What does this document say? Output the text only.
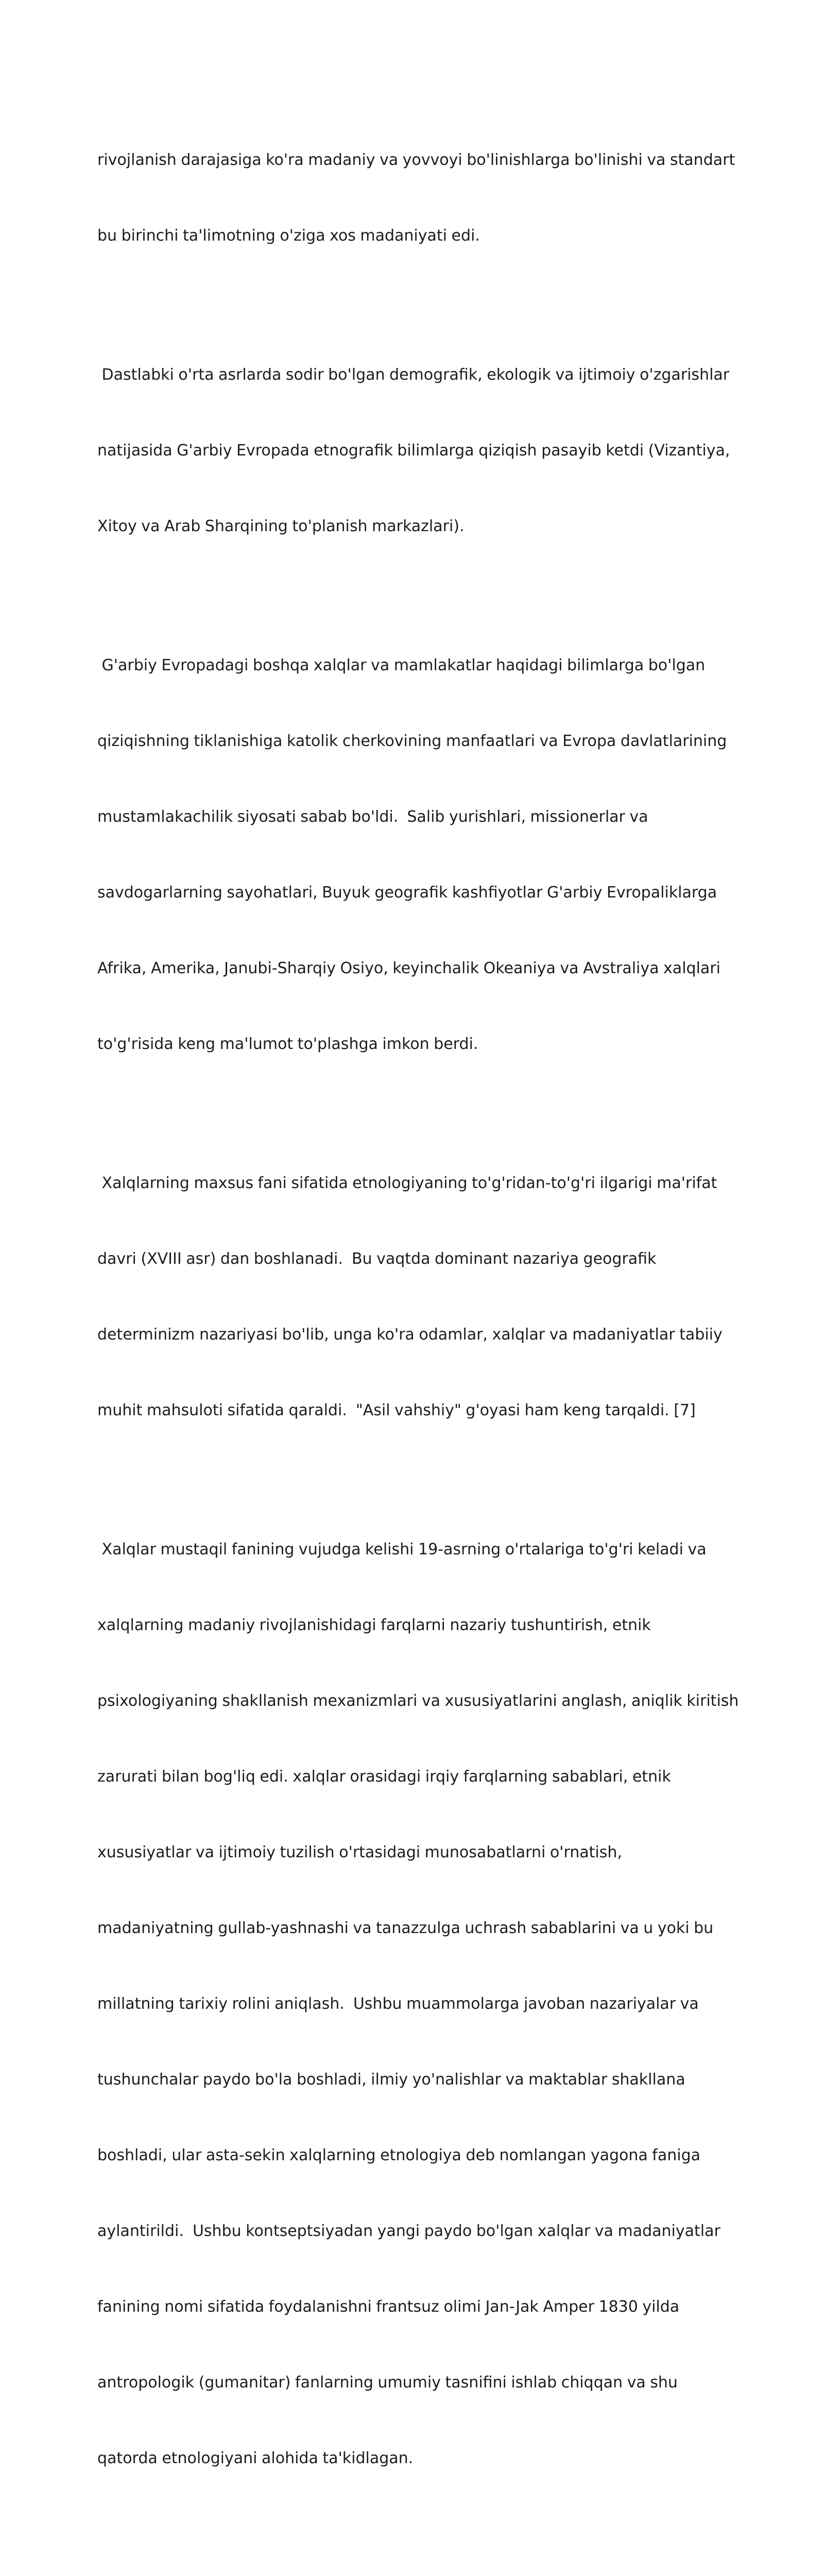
rivojlanish darajasiga ko'ra madaniy va yovvoyi bo'linishlarga bo'linishi va standart

bu birinchi ta'limotning o'ziga xos madaniyati edi.

Dastlabki o'rta asrlarda sodir bo'lgan demografik, ekologik va ijtimoiy o'zgarishlar

natijasida G'arbiy Evropada etnografik bilimlarga qiziqish pasayib ketdi (Vizantiya,

Xitoy va Arab Sharqining to'planish markazlari).

G'arbiy Evropadagi boshqa xalqlar va mamlakatlar haqidagi bilimlarga bo'lgan

qiziqishning tiklanishiga katolik cherkovining manfaatlari va Evropa davlatlarining

mustamlakachilik siyosati sabab bo'ldi.  Salib yurishlari, missionerlar va

savdogarlarning sayohatlari, Buyuk geografik kashfiyotlar G'arbiy Evropaliklarga

Afrika, Amerika, Janubi-Sharqiy Osiyo, keyinchalik Okeaniya va Avstraliya xalqlari

to'g'risida keng ma'lumot to'plashga imkon berdi.

Xalqlarning maxsus fani sifatida etnologiyaning to'g'ridan-to'g'ri ilgarigi ma'rifat

davri (XVIII asr) dan boshlanadi.  Bu vaqtda dominant nazariya geografik

determinizm nazariyasi bo'lib, unga ko'ra odamlar, xalqlar va madaniyatlar tabiiy

muhit mahsuloti sifatida qaraldi.  "Asil vahshiy" g'oyasi ham keng tarqaldi. [7]

Xalqlar mustaqil fanining vujudga kelishi 19-asrning o'rtalariga to'g'ri keladi va

xalqlarning madaniy rivojlanishidagi farqlarni nazariy tushuntirish, etnik

psixologiyaning shakllanish mexanizmlari va xususiyatlarini anglash, aniqlik kiritish

zarurati bilan bog'liq edi. xalqlar orasidagi irqiy farqlarning sabablari, etnik

xususiyatlar va ijtimoiy tuzilish o'rtasidagi munosabatlarni o'rnatish,

madaniyatning gullab-yashnashi va tanazzulga uchrash sabablarini va u yoki bu

millatning tarixiy rolini aniqlash.  Ushbu muammolarga javoban nazariyalar va

tushunchalar paydo bo'la boshladi, ilmiy yo'nalishlar va maktablar shakllana

boshladi, ular asta-sekin xalqlarning etnologiya deb nomlangan yagona faniga

aylantirildi.  Ushbu kontseptsiyadan yangi paydo bo'lgan xalqlar va madaniyatlar

fanining nomi sifatida foydalanishni frantsuz olimi Jan-Jak Amper 1830 yilda

antropologik (gumanitar) fanlarning umumiy tasnifini ishlab chiqqan va shu

qatorda etnologiyani alohida ta'kidlagan.
